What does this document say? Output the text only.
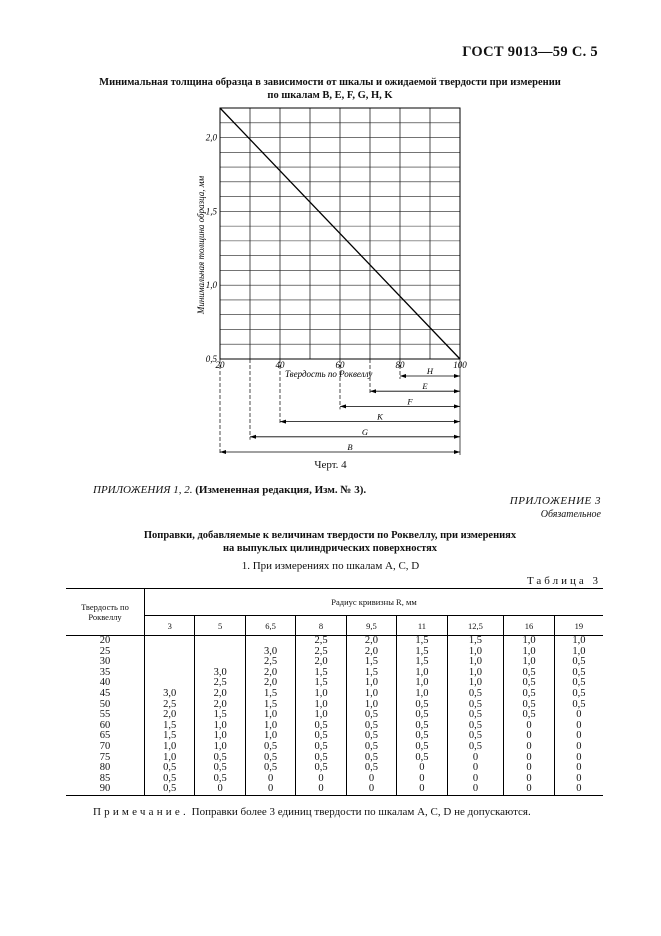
ГОСТ 9013—59 С. 5
Минимальная толщина образца в зависимости от шкалы и ожидаемой твердости при измерении
по шкалам B, E, F, G, H, K
20	40	60	80	100
0,5
1,0
1,5
2,0
H
E
F
K
G
B
Твердость по Роквеллу
Минимальная толщина образца, мм
Черт. 4
ПРИЛОЖЕНИЯ 1, 2. (Измененная редакция, Изм. № 3).
ПРИЛОЖЕНИЕ 3
Обязательное
Поправки, добавляемые к величинам твердости по Роквеллу, при измерениях
на выпуклых цилиндрических поверхностях
1. При измерениях по шкалам A, C, D
Таблица 3
Твердость по Роквеллу	Радиус кривизны R, мм								
	3	5	6,5	8	9,5	11	12,5	16	19
20				2,5	2,0	1,5	1,5	1,0	1,0
25			3,0	2,5	2,0	1,5	1,0	1,0	1,0
30			2,5	2,0	1,5	1,5	1,0	1,0	0,5
35		3,0	2,0	1,5	1,5	1,0	1,0	0,5	0,5
40		2,5	2,0	1,5	1,0	1,0	1,0	0,5	0,5
45	3,0	2,0	1,5	1,0	1,0	1,0	0,5	0,5	0,5
50	2,5	2,0	1,5	1,0	1,0	0,5	0,5	0,5	0,5
55	2,0	1,5	1,0	1,0	0,5	0,5	0,5	0,5	0
60	1,5	1,0	1,0	0,5	0,5	0,5	0,5	0	0
65	1,5	1,0	1,0	0,5	0,5	0,5	0,5	0	0
70	1,0	1,0	0,5	0,5	0,5	0,5	0,5	0	0
75	1,0	0,5	0,5	0,5	0,5	0,5	0	0	0
80	0,5	0,5	0,5	0,5	0,5	0	0	0	0
85	0,5	0,5	0	0	0	0	0	0	0
90	0,5	0	0	0	0	0	0	0	0
Примечание. Поправки более 3 единиц твердости по шкалам A, C, D не допускаются.
